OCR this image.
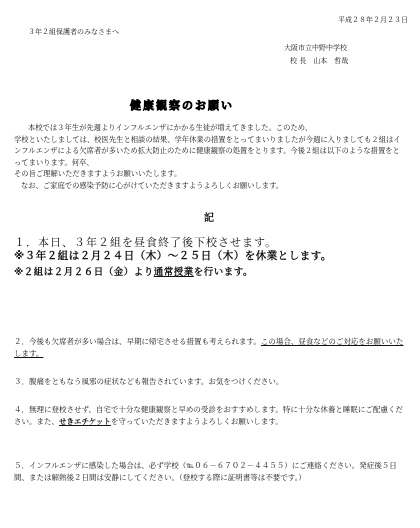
平成２８年２月２３日
３年２組保護者のみなさまへ
大阪市立中野中学校
校 長　山本　哲哉
健康観察のお願い

本校では３年生が先週よりインフルエンザにかかる生徒が増えてきました。このため、

学校といたしましては、校医先生と相談の結果、学年休業の措置をとってまいりましたが今週に入りましても２組はインフルエンザによる欠席者が多いため拡大防止のために健康観察の処置をとります。今後２組は以下のような措置をとってまいります。何卒、

その旨ご理解いただきますようお願いいたします。

なお、ご家庭での感染予防に心がけていただきますようよろしくお願いします。

記

１．本日、３年２組を昼食終了後下校させます。

※３年２組は２月２４日（木）～２５日（木）を休業とします。

※２組は２月２６日（金）より通常授業を行います。

２．今後も欠席者が多い場合は、早期に帰宅させる措置も考えられます。この場合、昼食などのご対応をお願いいたします。

３．腹痛をともなう風邪の症状なども報告されています。お気をつけください。

４．無理に登校させず、自宅で十分な健康観察と早めの受診をおすすめします。特に十分な休養と睡眠にご配慮ください。また、せきエチケットを守っていただきますようよろしくお願いします。

５．インフルエンザに感染した場合は、必ず学校（℡０６－６７０２－４４５５）にご連絡ください。発症後５日間、または解熱後２日間は安静にしてください。（登校する際に証明書等は不要です。）
